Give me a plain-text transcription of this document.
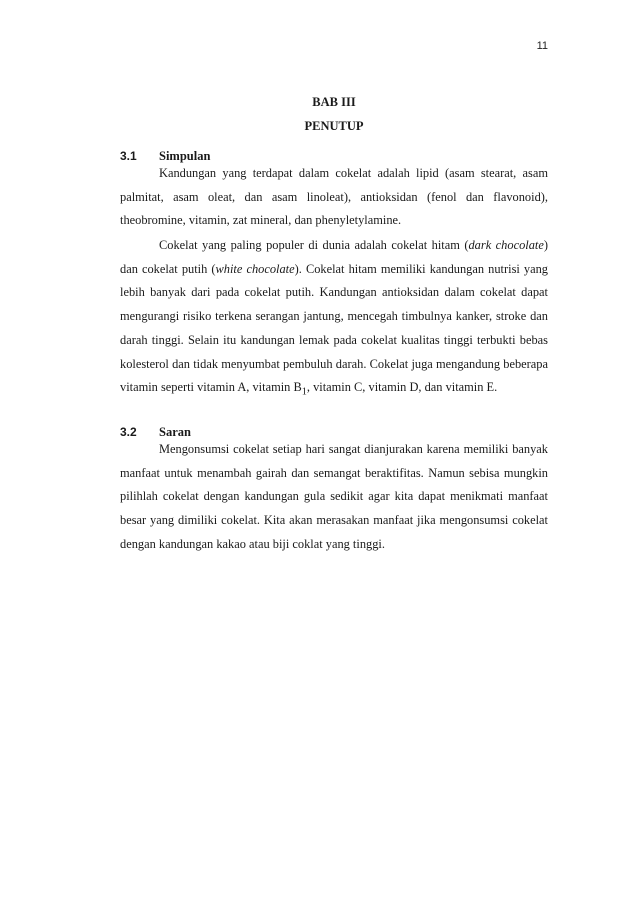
11
BAB III
PENUTUP
3.1 Simpulan

Kandungan yang terdapat dalam cokelat adalah lipid (asam stearat, asam palmitat, asam oleat, dan asam linoleat), antioksidan (fenol dan flavonoid), theobromine, vitamin, zat mineral, dan phenyletylamine.

Cokelat yang paling populer di dunia adalah cokelat hitam (dark chocolate) dan cokelat putih (white chocolate). Cokelat hitam memiliki kandungan nutrisi yang lebih banyak dari pada cokelat putih. Kandungan antioksidan dalam cokelat dapat mengurangi risiko terkena serangan jantung, mencegah timbulnya kanker, stroke dan darah tinggi. Selain itu kandungan lemak pada cokelat kualitas tinggi terbukti bebas kolesterol dan tidak menyumbat pembuluh darah. Cokelat juga mengandung beberapa vitamin seperti vitamin A, vitamin $B_1$, vitamin C, vitamin D, dan vitamin E.

3.2 Saran

Mengonsumsi cokelat setiap hari sangat dianjurakan karena memiliki banyak manfaat untuk menambah gairah dan semangat beraktifitas. Namun sebisa mungkin pilihlah cokelat dengan kandungan gula sedikit agar kita dapat menikmati manfaat besar yang dimiliki cokelat. Kita akan merasakan manfaat jika mengonsumsi cokelat dengan kandungan kakao atau biji coklat yang tinggi.
